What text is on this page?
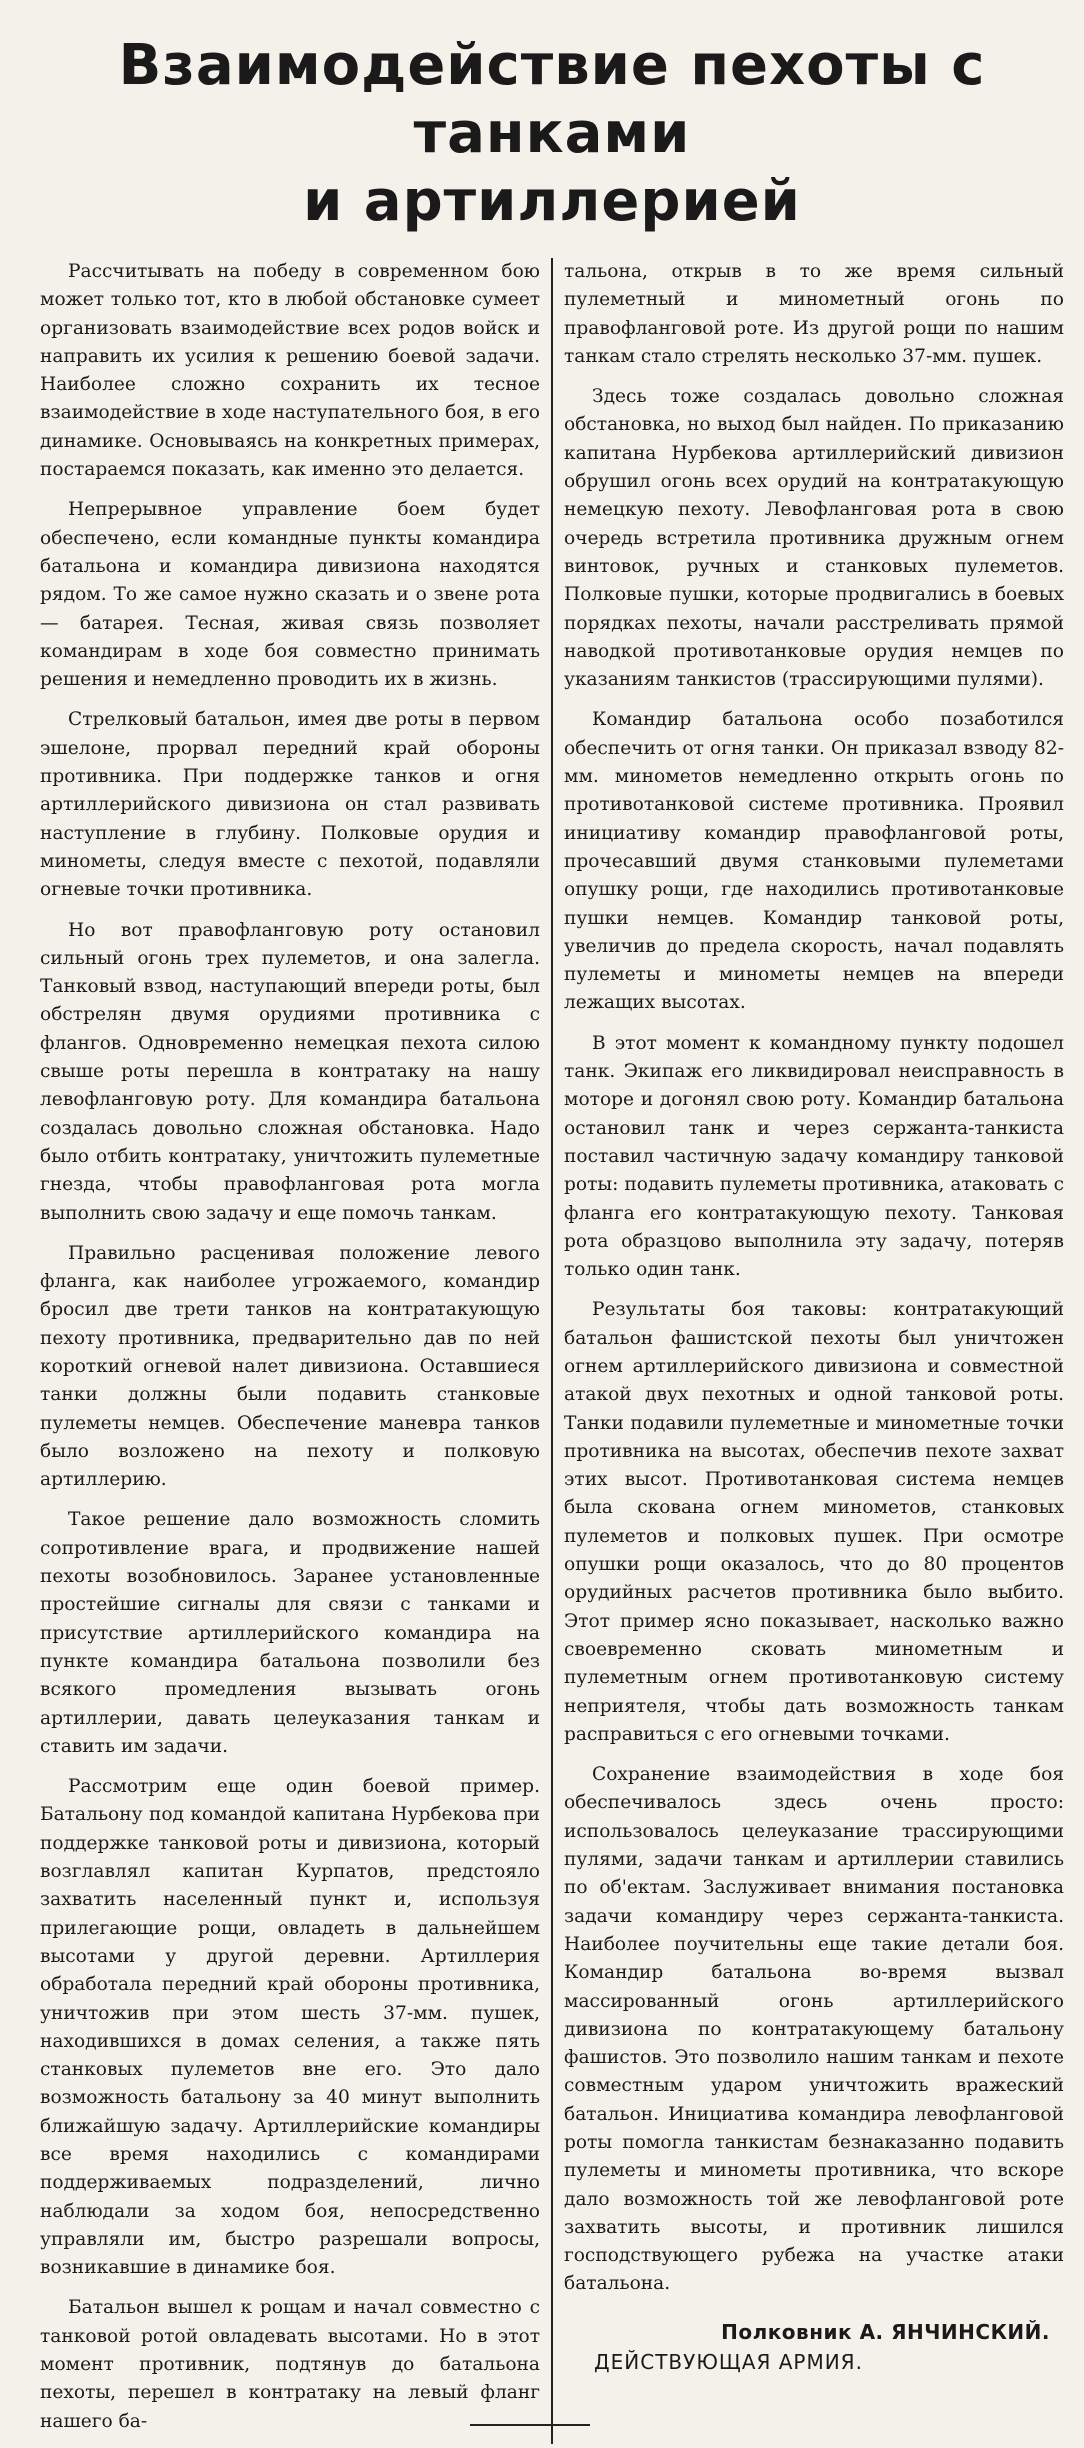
Взаимодействие пехоты с танками
и артиллерией

Рассчитывать на победу в современном бою может только тот, кто в любой обстановке сумеет организовать взаимодействие всех родов войск и направить их усилия к решению боевой задачи. Наиболее сложно сохранить их тесное взаимодействие в ходе наступательного боя, в его динамике. Основываясь на конкретных примерах, постараемся показать, как именно это делается.

Непрерывное управление боем будет обеспечено, если командные пункты командира батальона и командира дивизиона находятся рядом. То же самое нужно сказать и о звене рота — батарея. Тесная, живая связь позволяет командирам в ходе боя совместно принимать решения и немедленно проводить их в жизнь.

Стрелковый батальон, имея две роты в первом эшелоне, прорвал передний край обороны противника. При поддержке танков и огня артиллерийского дивизиона он стал развивать наступление в глубину. Полковые орудия и минометы, следуя вместе с пехотой, подавляли огневые точки противника.

Но вот правофланговую роту остановил сильный огонь трех пулеметов, и она залегла. Танковый взвод, наступающий впереди роты, был обстрелян двумя орудиями противника с флангов. Одновременно немецкая пехота силою свыше роты перешла в контратаку на нашу левофланговую роту. Для командира батальона создалась довольно сложная обстановка. Надо было отбить контратаку, уничтожить пулеметные гнезда, чтобы правофланговая рота могла выполнить свою задачу и еще помочь танкам.

Правильно расценивая положение левого фланга, как наиболее угрожаемого, командир бросил две трети танков на контратакующую пехоту противника, предварительно дав по ней короткий огневой налет дивизиона. Оставшиеся танки должны были подавить станковые пулеметы немцев. Обеспечение маневра танков было возложено на пехоту и полковую артиллерию.

Такое решение дало возможность сломить сопротивление врага, и продвижение нашей пехоты возобновилось. Заранее установленные простейшие сигналы для связи с танками и присутствие артиллерийского командира на пункте командира батальона позволили без всякого промедления вызывать огонь артиллерии, давать целеуказания танкам и ставить им задачи.

Рассмотрим еще один боевой пример. Батальону под командой капитана Нурбекова при поддержке танковой роты и дивизиона, который возглавлял капитан Курпатов, предстояло захватить населенный пункт и, используя прилегающие рощи, овладеть в дальнейшем высотами у другой деревни. Артиллерия обработала передний край обороны противника, уничтожив при этом шесть 37-мм. пушек, находившихся в домах селения, а также пять станковых пулеметов вне его. Это дало возможность батальону за 40 минут выполнить ближайшую задачу. Артиллерийские командиры все время находились с командирами поддерживаемых подразделений, лично наблюдали за ходом боя, непосредственно управляли им, быстро разрешали вопросы, возникавшие в динамике боя.

Батальон вышел к рощам и начал совместно с танковой ротой овладевать высотами. Но в этот момент противник, подтянув до батальона пехоты, перешел в контратаку на левый фланг нашего ба-

тальона, открыв в то же время сильный пулеметный и минометный огонь по правофланговой роте. Из другой рощи по нашим танкам стало стрелять несколько 37-мм. пушек.

Здесь тоже создалась довольно сложная обстановка, но выход был найден. По приказанию капитана Нурбекова артиллерийский дивизион обрушил огонь всех орудий на контратакующую немецкую пехоту. Левофланговая рота в свою очередь встретила противника дружным огнем винтовок, ручных и станковых пулеметов. Полковые пушки, которые продвигались в боевых порядках пехоты, начали расстреливать прямой наводкой противотанковые орудия немцев по указаниям танкистов (трассирующими пулями).

Командир батальона особо позаботился обеспечить от огня танки. Он приказал взводу 82-мм. минометов немедленно открыть огонь по противотанковой системе противника. Проявил инициативу командир правофланговой роты, прочесавший двумя станковыми пулеметами опушку рощи, где находились противотанковые пушки немцев. Командир танковой роты, увеличив до предела скорость, начал подавлять пулеметы и минометы немцев на впереди лежащих высотах.

В этот момент к командному пункту подошел танк. Экипаж его ликвидировал неисправность в моторе и догонял свою роту. Командир батальона остановил танк и через сержанта-танкиста поставил частичную задачу командиру танковой роты: подавить пулеметы противника, атаковать с фланга его контратакующую пехоту. Танковая рота образцово выполнила эту задачу, потеряв только один танк.

Результаты боя таковы: контратакующий батальон фашистской пехоты был уничтожен огнем артиллерийского дивизиона и совместной атакой двух пехотных и одной танковой роты. Танки подавили пулеметные и минометные точки противника на высотах, обеспечив пехоте захват этих высот. Противотанковая система немцев была скована огнем минометов, станковых пулеметов и полковых пушек. При осмотре опушки рощи оказалось, что до 80 процентов орудийных расчетов противника было выбито. Этот пример ясно показывает, насколько важно своевременно сковать минометным и пулеметным огнем противотанковую систему неприятеля, чтобы дать возможность танкам расправиться с его огневыми точками.

Сохранение взаимодействия в ходе боя обеспечивалось здесь очень просто: использовалось целеуказание трассирующими пулями, задачи танкам и артиллерии ставились по об'ектам. Заслуживает внимания постановка задачи командиру через сержанта-танкиста. Наиболее поучительны еще такие детали боя. Командир батальона во-время вызвал массированный огонь артиллерийского дивизиона по контратакующему батальону фашистов. Это позволило нашим танкам и пехоте совместным ударом уничтожить вражеский батальон. Инициатива командира левофланговой роты помогла танкистам безнаказанно подавить пулеметы и минометы противника, что вскоре дало возможность той же левофланговой роте захватить высоты, и противник лишился господствующего рубежа на участке атаки батальона.

Полковник А. ЯНЧИНСКИЙ.
ДЕЙСТВУЮЩАЯ АРМИЯ.
